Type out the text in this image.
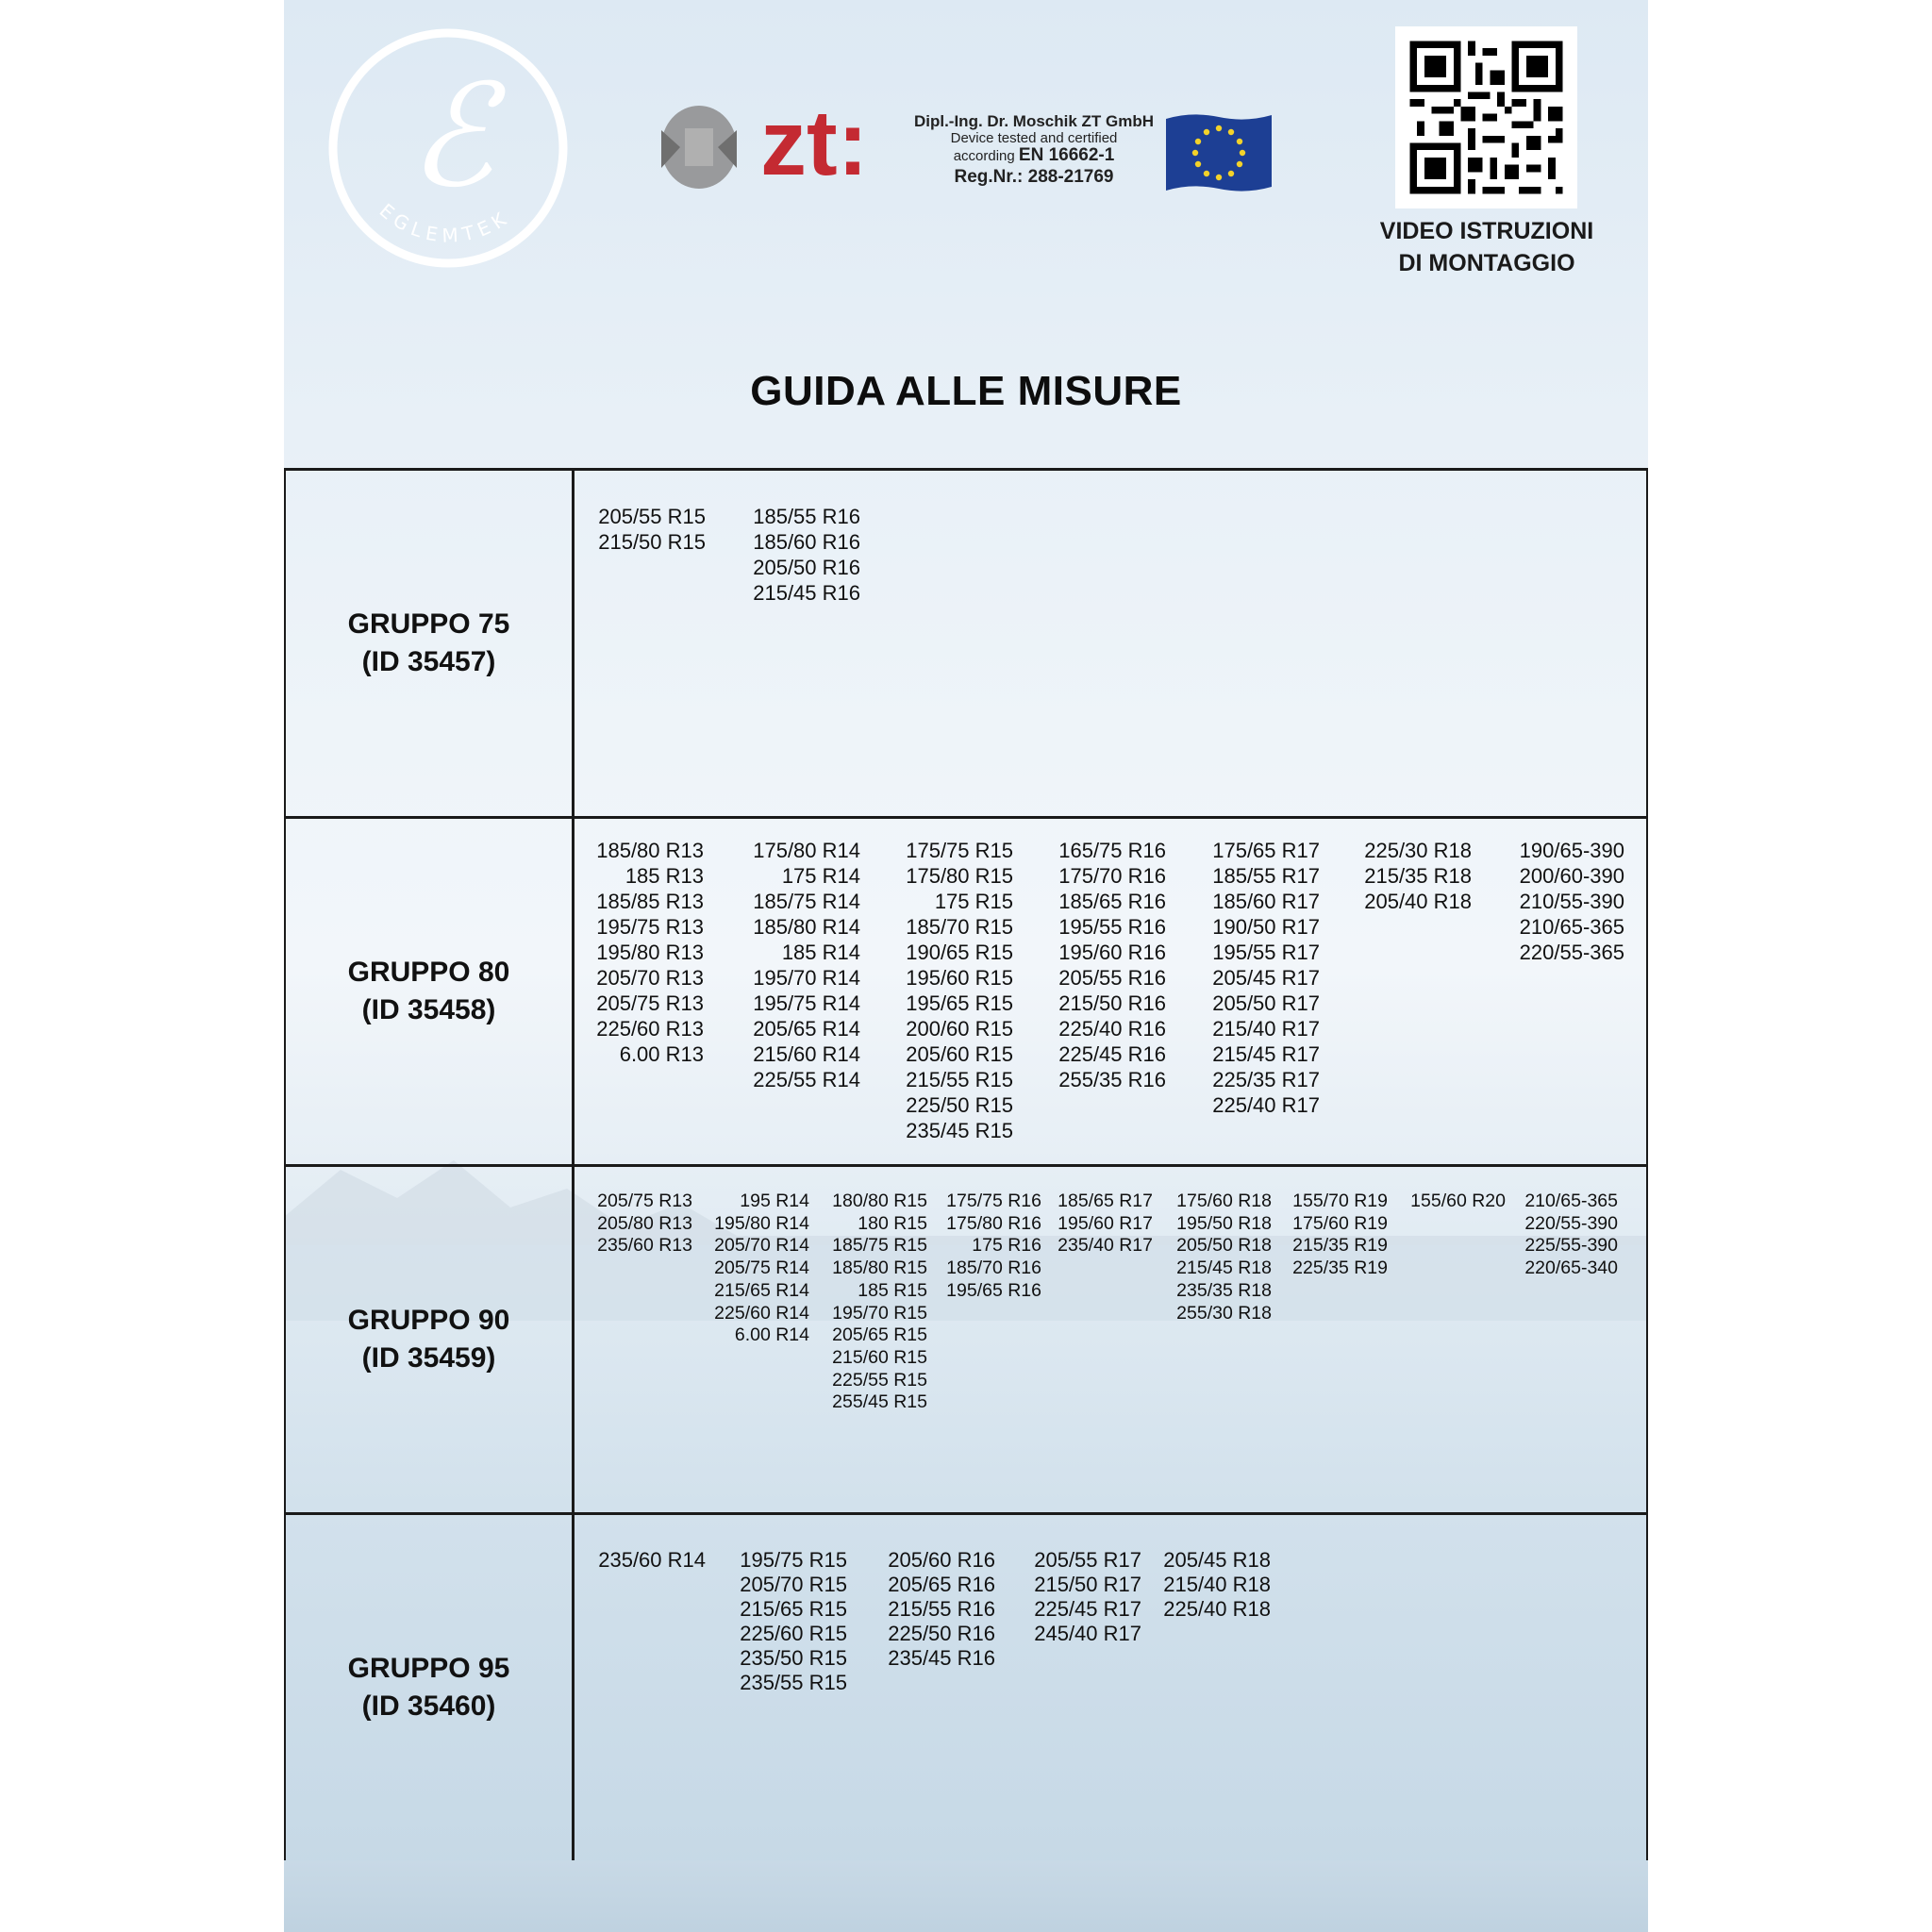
ℰ
EGLEMTEK
zt:	Dipl.-Ing. Dr. Moschik ZT GmbH
Device tested and certified
according EN 16662-1
Reg.Nr.: 288-21769
VIDEO ISTRUZIONI
DI MONTAGGIO
GUIDA ALLE MISURE
GRUPPO 75
(ID 35457)
205/55 R15
215/50 R15
185/55 R16
185/60 R16
205/50 R16
215/45 R16
GRUPPO 80
(ID 35458)
185/80 R13
185 R13
185/85 R13
195/75 R13
195/80 R13
205/70 R13
205/75 R13
225/60 R13
6.00 R13
175/80 R14
175 R14
185/75 R14
185/80 R14
185 R14
195/70 R14
195/75 R14
205/65 R14
215/60 R14
225/55 R14
175/75 R15
175/80 R15
175 R15
185/70 R15
190/65 R15
195/60 R15
195/65 R15
200/60 R15
205/60 R15
215/55 R15
225/50 R15
235/45 R15
165/75 R16
175/70 R16
185/65 R16
195/55 R16
195/60 R16
205/55 R16
215/50 R16
225/40 R16
225/45 R16
255/35 R16
175/65 R17
185/55 R17
185/60 R17
190/50 R17
195/55 R17
205/45 R17
205/50 R17
215/40 R17
215/45 R17
225/35 R17
225/40 R17
225/30 R18
215/35 R18
205/40 R18
190/65-390
200/60-390
210/55-390
210/65-365
220/55-365
GRUPPO 90
(ID 35459)
205/75 R13
205/80 R13
235/60 R13
195 R14
195/80 R14
205/70 R14
205/75 R14
215/65 R14
225/60 R14
6.00 R14
180/80 R15
180 R15
185/75 R15
185/80 R15
185 R15
195/70 R15
205/65 R15
215/60 R15
225/55 R15
255/45 R15
175/75 R16
175/80 R16
175 R16
185/70 R16
195/65 R16
185/65 R17
195/60 R17
235/40 R17
175/60 R18
195/50 R18
205/50 R18
215/45 R18
235/35 R18
255/30 R18
155/70 R19
175/60 R19
215/35 R19
225/35 R19
155/60 R20	210/65-365
220/55-390
225/55-390
220/65-340
GRUPPO 95
(ID 35460)
235/60 R14 195/75 R15
205/70 R15
215/65 R15
225/60 R15
235/50 R15
235/55 R15
205/60 R16
205/65 R16
215/55 R16
225/50 R16
235/45 R16
205/55 R17
215/50 R17
225/45 R17
245/40 R17
205/45 R18
215/40 R18
225/40 R18
